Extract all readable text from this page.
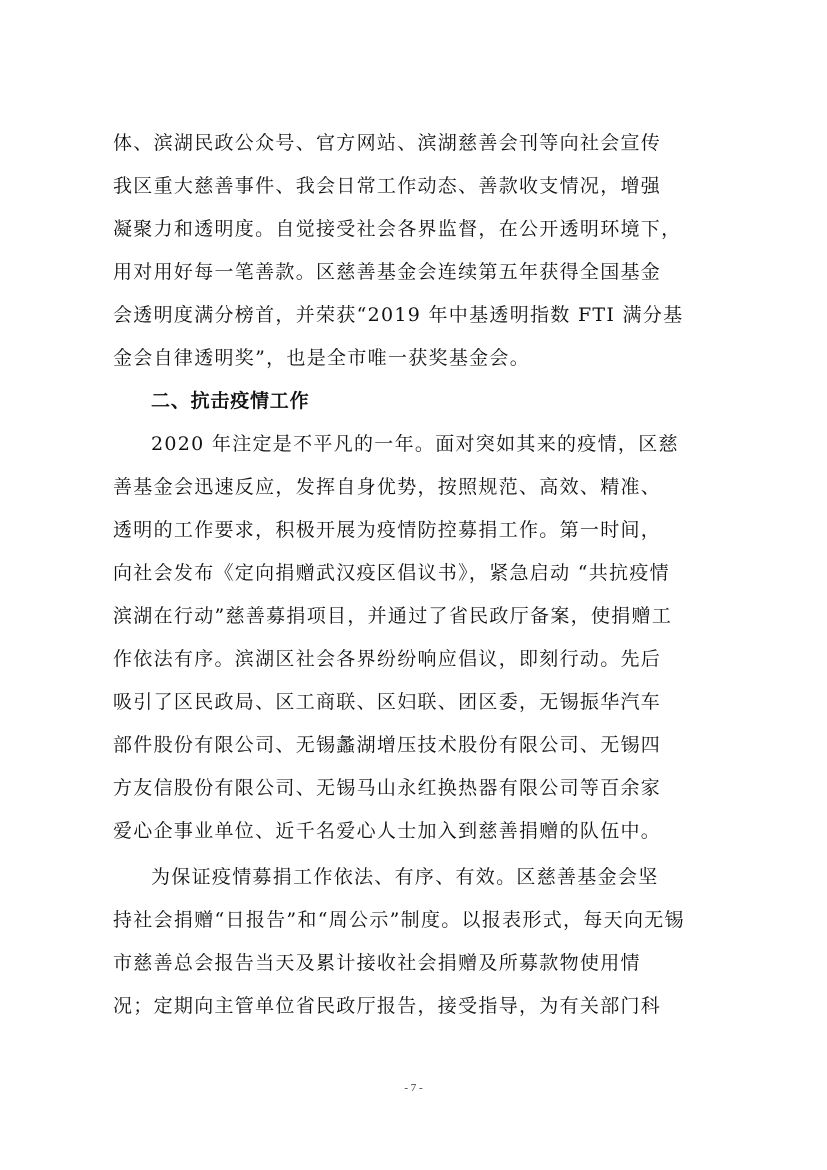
体、滨湖民政公众号、官方网站、滨湖慈善会刊等向社会宣传
我区重大慈善事件、我会日常工作动态、善款收支情况，增强
凝聚力和透明度。自觉接受社会各界监督，在公开透明环境下，
用对用好每一笔善款。区慈善基金会连续第五年获得全国基金
会透明度满分榜首，并荣获“2019 年中基透明指数 FTI 满分基
金会自律透明奖”，也是全市唯一获奖基金会。
二、抗击疫情工作
2020 年注定是不平凡的一年。面对突如其来的疫情，区慈
善基金会迅速反应，发挥自身优势，按照规范、高效、精准、
透明的工作要求，积极开展为疫情防控募捐工作。第一时间，
向社会发布《定向捐赠武汉疫区倡议书》，紧急启动 “共抗疫情
滨湖在行动”慈善募捐项目，并通过了省民政厅备案，使捐赠工
作依法有序。滨湖区社会各界纷纷响应倡议，即刻行动。先后
吸引了区民政局、区工商联、区妇联、团区委，无锡振华汽车
部件股份有限公司、无锡蠡湖增压技术股份有限公司、无锡四
方友信股份有限公司、无锡马山永红换热器有限公司等百余家
爱心企事业单位、近千名爱心人士加入到慈善捐赠的队伍中。
为保证疫情募捐工作依法、有序、有效。区慈善基金会坚
持社会捐赠“日报告”和“周公示”制度。以报表形式，每天向无锡
市慈善总会报告当天及累计接收社会捐赠及所募款物使用情
况；定期向主管单位省民政厅报告，接受指导，为有关部门科
- 7 -
